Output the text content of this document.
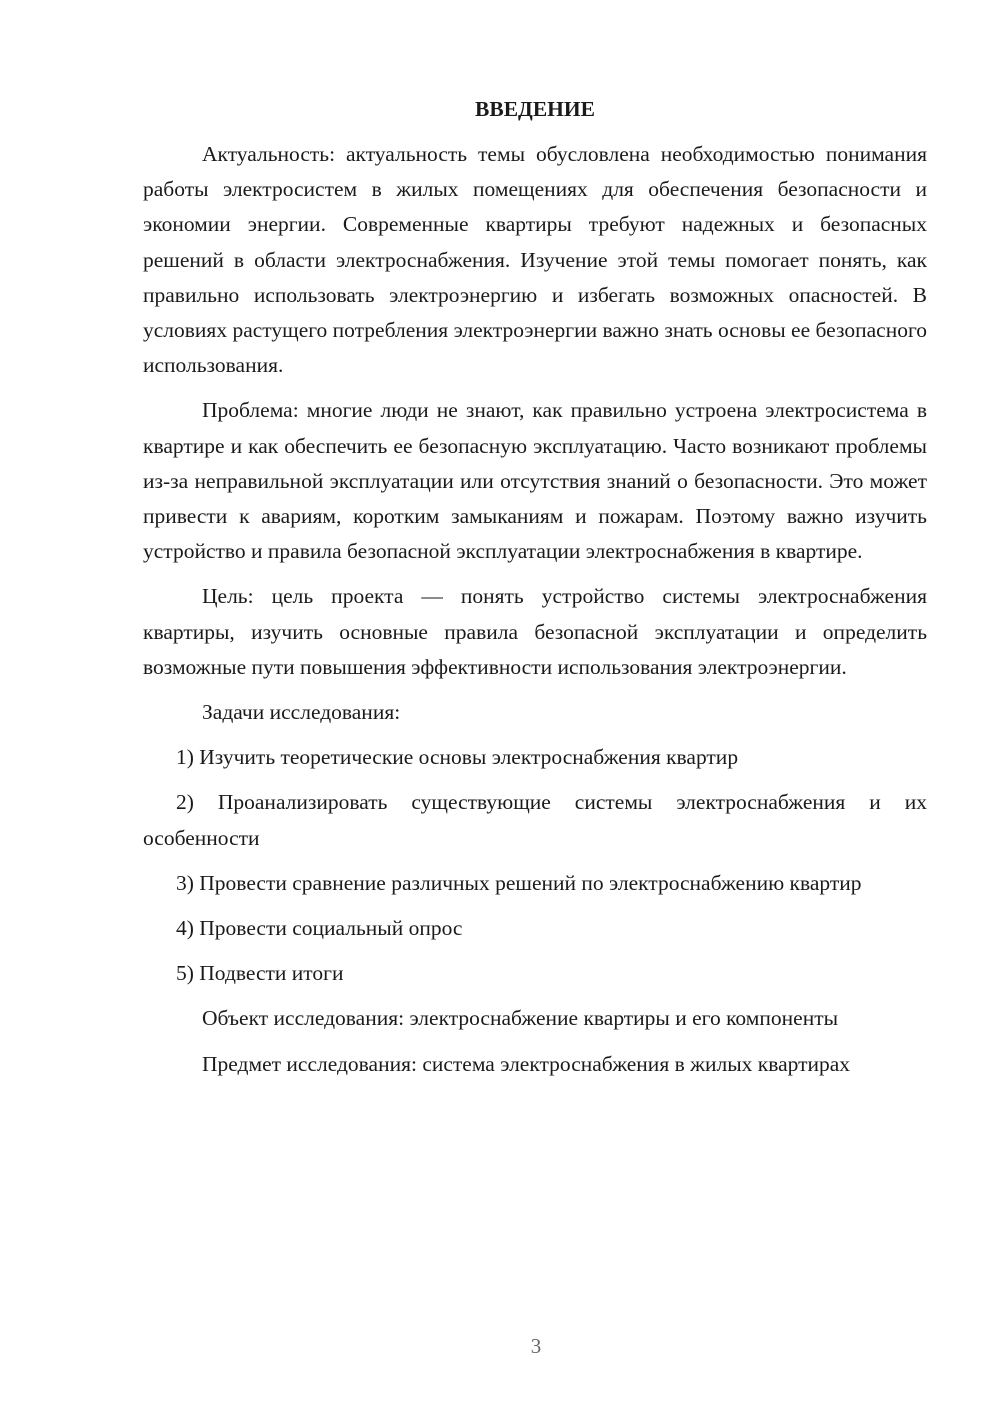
ВВЕДЕНИЕ

Актуальность: актуальность темы обусловлена необходимостью понимания работы электросистем в жилых помещениях для обеспечения безопасности и экономии энергии. Современные квартиры требуют надежных и безопасных решений в области электроснабжения. Изучение этой темы помогает понять, как правильно использовать электроэнергию и избегать возможных опасностей. В условиях растущего потребления электроэнергии важно знать основы ее безопасного использования.

Проблема: многие люди не знают, как правильно устроена электросистема в квартире и как обеспечить ее безопасную эксплуатацию. Часто возникают проблемы из-за неправильной эксплуатации или отсутствия знаний о безопасности. Это может привести к авариям, коротким замыканиям и пожарам. Поэтому важно изучить устройство и правила безопасной эксплуатации электроснабжения в квартире.

Цель: цель проекта — понять устройство системы электроснабжения квартиры, изучить основные правила безопасной эксплуатации и определить возможные пути повышения эффективности использования электроэнергии.

Задачи исследования:

1) Изучить теоретические основы электроснабжения квартир

2) Проанализировать существующие системы электроснабжения и их особенности

3) Провести сравнение различных решений по электроснабжению квартир

4) Провести социальный опрос

5) Подвести итоги

Объект исследования: электроснабжение квартиры и его компоненты

Предмет исследования: система электроснабжения в жилых квартирах

3
